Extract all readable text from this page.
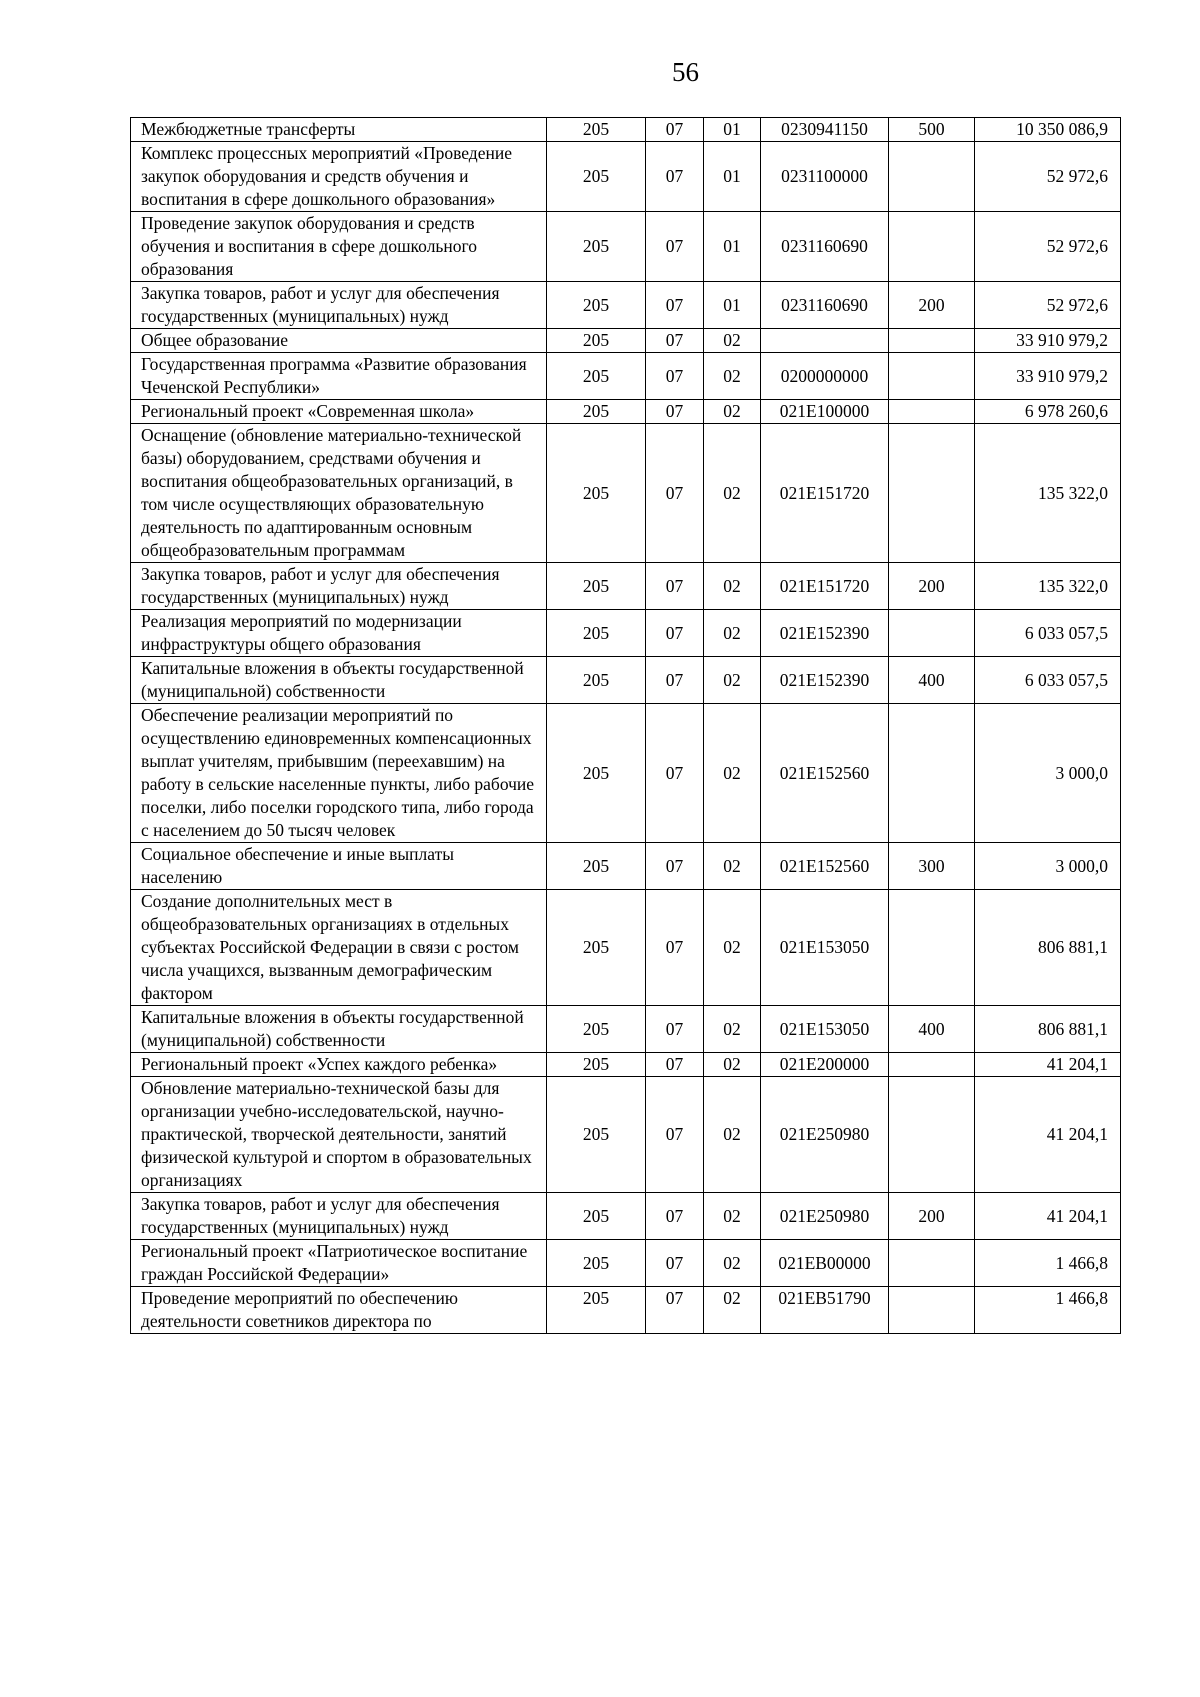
56
Межбюджетные трансферты	205	07	01	0230941150	500	10 350 086,9
Комплекс процессных мероприятий «Проведение закупок оборудования и средств обучения и воспитания в сфере дошкольного образования»	205	07	01	0231100000		52 972,6
Проведение закупок оборудования и средств обучения и воспитания в сфере дошкольного образования	205	07	01	0231160690		52 972,6
Закупка товаров, работ и услуг для обеспечения государственных (муниципальных) нужд	205	07	01	0231160690	200	52 972,6
Общее образование	205	07	02			33 910 979,2
Государственная программа «Развитие образования Чеченской Республики»	205	07	02	0200000000		33 910 979,2
Региональный проект «Современная школа»	205	07	02	021E100000		6 978 260,6
Оснащение (обновление материально-технической базы) оборудованием, средствами обучения и воспитания общеобразовательных организаций, в том числе осуществляющих образовательную деятельность по адаптированным основным общеобразовательным программам	205	07	02	021E151720		135 322,0
Закупка товаров, работ и услуг для обеспечения государственных (муниципальных) нужд	205	07	02	021E151720	200	135 322,0
Реализация мероприятий по модернизации инфраструктуры общего образования	205	07	02	021E152390		6 033 057,5
Капитальные вложения в объекты государственной (муниципальной) собственности	205	07	02	021E152390	400	6 033 057,5
Обеспечение реализации мероприятий по осуществлению единовременных компенсационных выплат учителям, прибывшим (переехавшим) на работу в сельские населенные пункты, либо рабочие поселки, либо поселки городского типа, либо города с населением до 50 тысяч человек	205	07	02	021E152560		3 000,0
Социальное обеспечение и иные выплаты населению	205	07	02	021E152560	300	3 000,0
Создание дополнительных мест в общеобразовательных организациях в отдельных субъектах Российской Федерации в связи с ростом числа учащихся, вызванным демографическим фактором	205	07	02	021E153050		806 881,1
Капитальные вложения в объекты государственной (муниципальной) собственности	205	07	02	021E153050	400	806 881,1
Региональный проект «Успех каждого ребенка»	205	07	02	021E200000		41 204,1
Обновление материально-технической базы для организации учебно-исследовательской, научно-практической, творческой деятельности, занятий физической культурой и спортом в образовательных организациях	205	07	02	021E250980		41 204,1
Закупка товаров, работ и услуг для обеспечения государственных (муниципальных) нужд	205	07	02	021E250980	200	41 204,1
Региональный проект «Патриотическое воспитание граждан Российской Федерации»	205	07	02	021EB00000		1 466,8
Проведение мероприятий по обеспечению деятельности советников директора по	205	07	02	021EB51790		1 466,8
